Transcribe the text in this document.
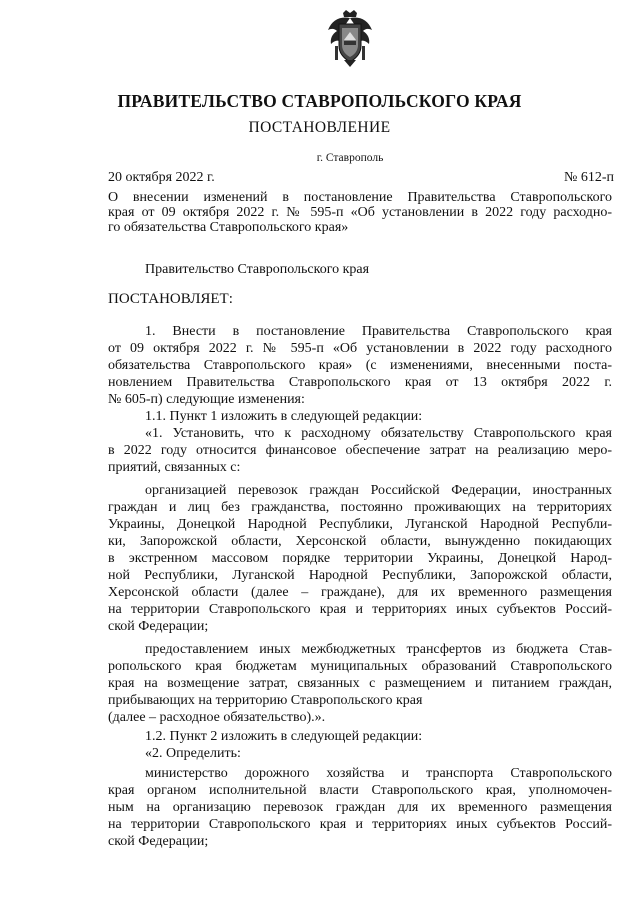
ПРАВИТЕЛЬСТВО СТАВРОПОЛЬСКОГО КРАЯ
ПОСТАНОВЛЕНИЕ
г. Ставрополь
20 октября 2022 г.	№ 612-п
О внесении изменений в постановление Правительства Ставропольского
края от 09 октября 2022 г. № 595-п «Об установлении в 2022 году расходно-
го обязательства Ставропольского края»
Правительство Ставропольского края
ПОСТАНОВЛЯЕТ:
1. Внести в постановление Правительства Ставропольского края
от 09 октября 2022 г. № 595-п «Об установлении в 2022 году расходного
обязательства Ставропольского края» (с изменениями, внесенными поста-
новлением Правительства Ставропольского края от 13 октября 2022 г.
№ 605-п) следующие изменения:
1.1. Пункт 1 изложить в следующей редакции:
«1. Установить, что к расходному обязательству Ставропольского края
в 2022 году относится финансовое обеспечение затрат на реализацию меро-
приятий, связанных с:
организацией перевозок граждан Российской Федерации, иностранных
граждан и лиц без гражданства, постоянно проживающих на территориях
Украины, Донецкой Народной Республики, Луганской Народной Республи-
ки, Запорожской области, Херсонской области, вынужденно покидающих
в экстренном массовом порядке территории Украины, Донецкой Народ-
ной Республики, Луганской Народной Республики, Запорожской области,
Херсонской области (далее – граждане), для их временного размещения
на территории Ставропольского края и территориях иных субъектов Россий-
ской Федерации;
предоставлением иных межбюджетных трансфертов из бюджета Став-
ропольского края бюджетам муниципальных образований Ставропольского
края на возмещение затрат, связанных с размещением и питанием граждан,
прибывающих на территорию Ставропольского края
(далее – расходное обязательство).».
1.2. Пункт 2 изложить в следующей редакции:
«2. Определить:
министерство дорожного хозяйства и транспорта Ставропольского
края органом исполнительной власти Ставропольского края, уполномочен-
ным на организацию перевозок граждан для их временного размещения
на территории Ставропольского края и территориях иных субъектов Россий-
ской Федерации;
